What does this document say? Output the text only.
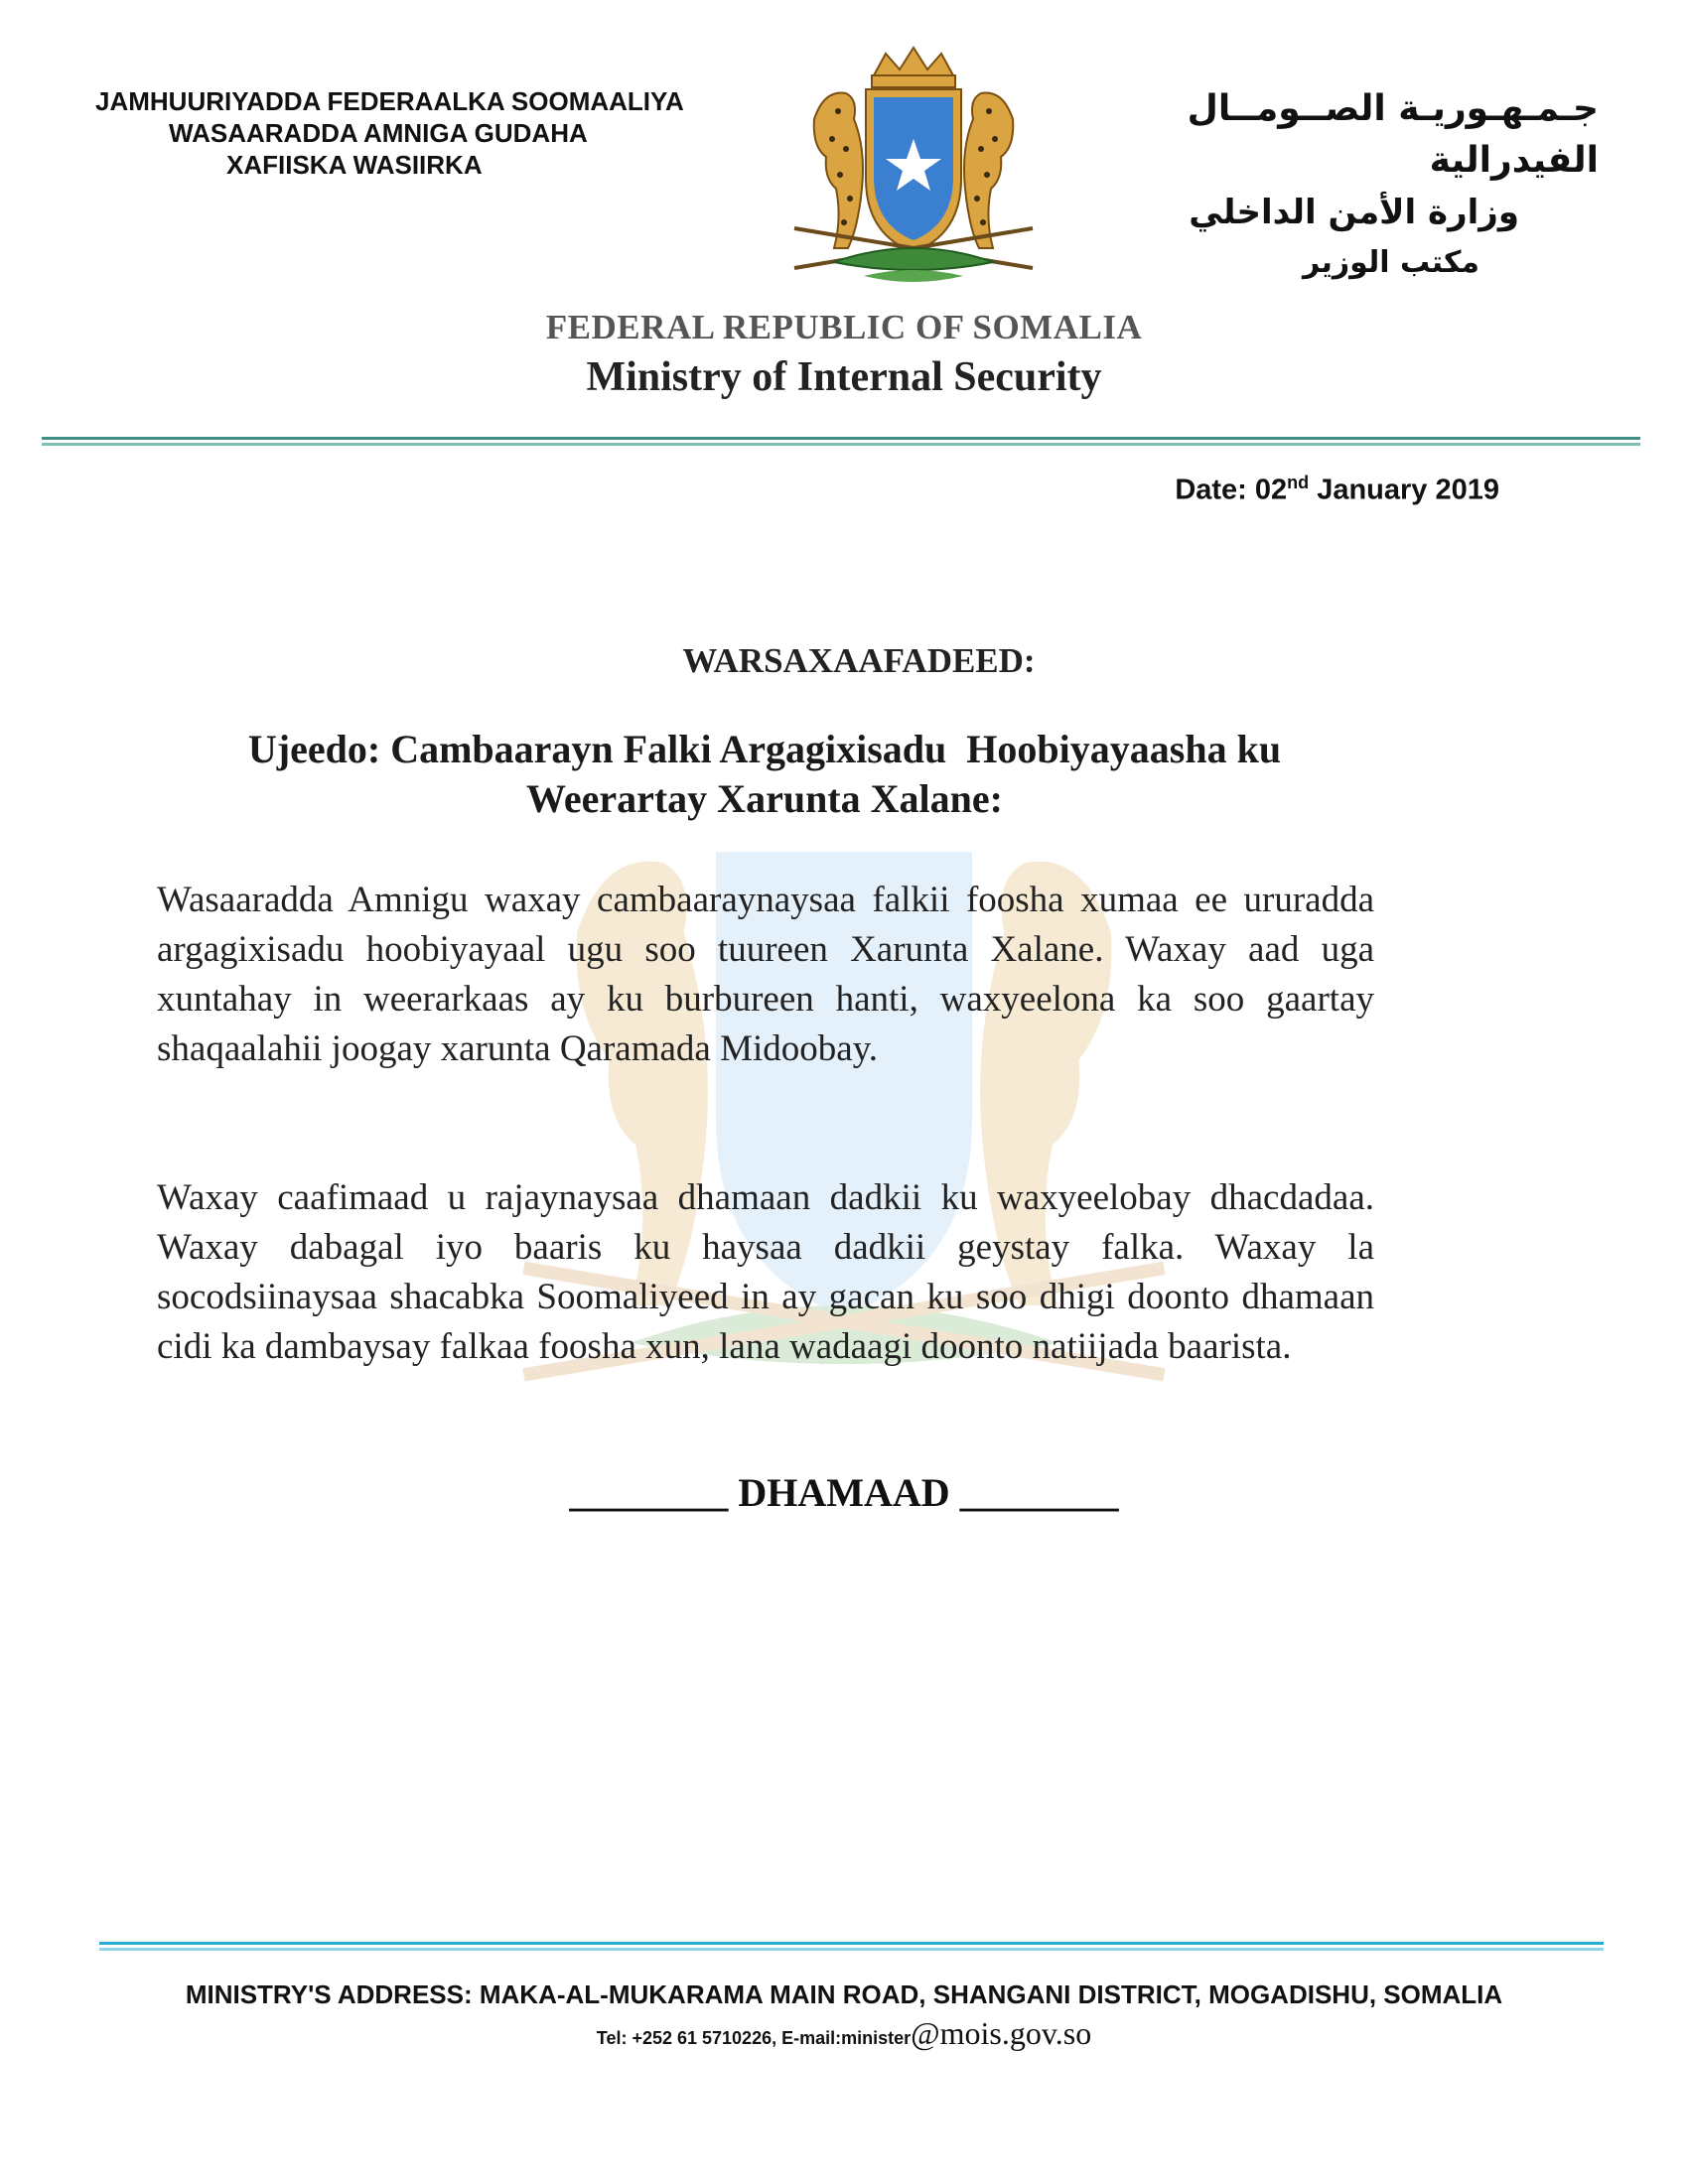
JAMHUURIYADDA FEDERAALKA SOOMAALIYA
WASAARADDA AMNIGA GUDAHA
XAFIISKA WASIIRKA
جـمـهـوريـة الصــومــال الفيدرالية
وزارة الأمن الداخلي
مكتب الوزير
FEDERAL REPUBLIC OF SOMALIA
Ministry of Internal Security
Date: 02nd January 2019
WARSAXAAFADEED:
Ujeedo: Cambaarayn Falki Argagixisadu  Hoobiyayaasha ku
Weerartay Xarunta Xalane:
Wasaaradda Amnigu waxay cambaaraynaysaa falkii foosha xumaa ee ururadda argagixisadu hoobiyayaal ugu soo tuureen Xarunta Xalane. Waxay aad uga xuntahay in weerarkaas ay ku burbureen hanti, waxyeelona ka soo gaartay shaqaalahii joogay xarunta Qaramada Midoobay.
Waxay caafimaad u rajaynaysaa dhamaan dadkii ku waxyeelobay dhacdadaa. Waxay dabagal iyo baaris ku haysaa dadkii geystay falka. Waxay la socodsiinaysaa shacabka Soomaliyeed in ay gacan ku soo dhigi doonto dhamaan cidi ka dambaysay falkaa foosha xun, lana wadaagi doonto natiijada baarista.
________ DHAMAAD ________
MINISTRY'S ADDRESS: MAKA-AL-MUKARAMA MAIN ROAD, SHANGANI DISTRICT, MOGADISHU, SOMALIA
Tel: +252 61 5710226, E-mail:minister@mois.gov.so
